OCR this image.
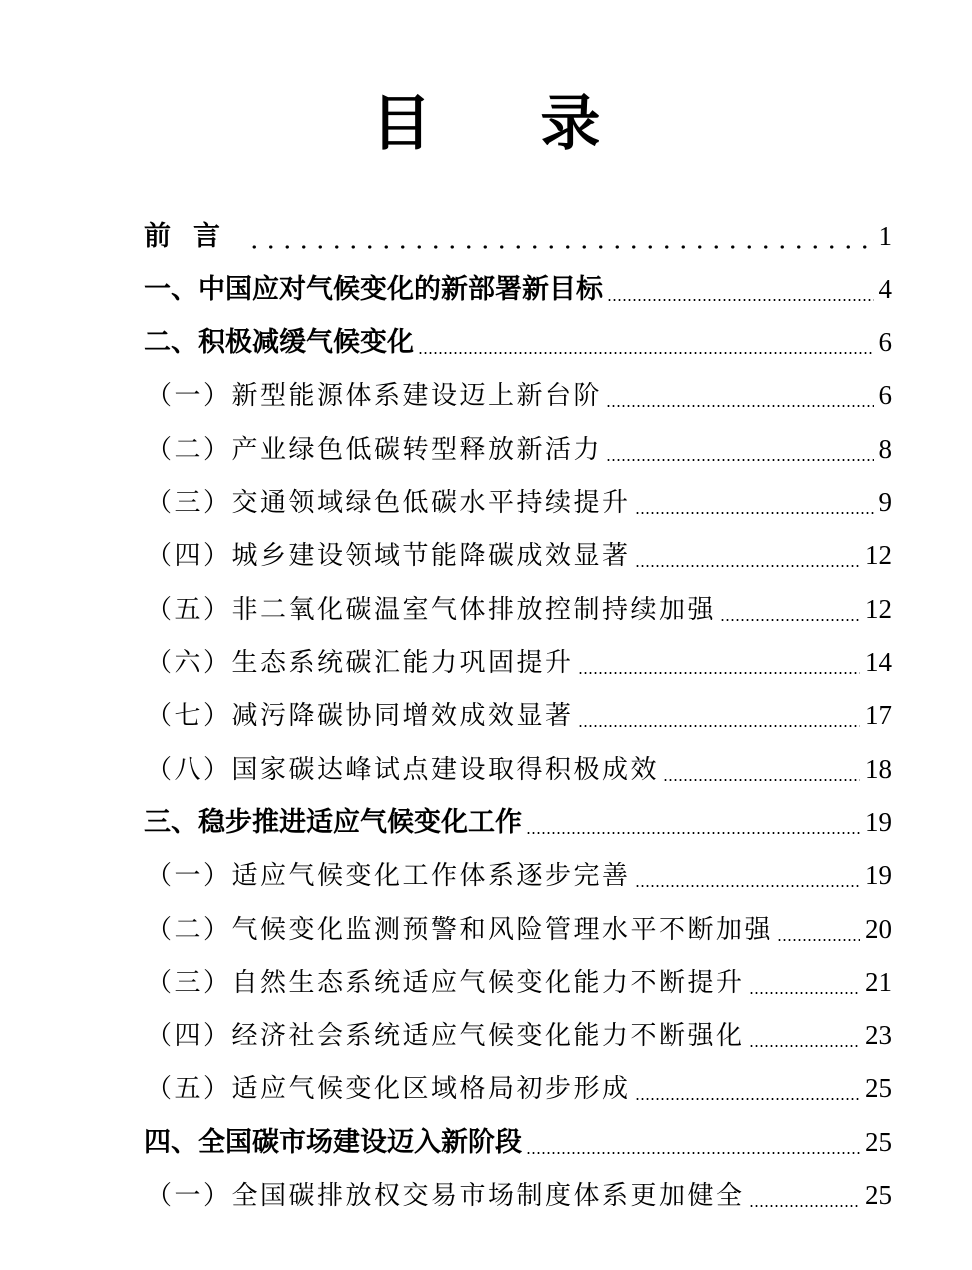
目 录
前言	1
一、中国应对气候变化的新部署新目标	4
二、积极减缓气候变化	6
（一）新型能源体系建设迈上新台阶	6
（二）产业绿色低碳转型释放新活力	8
（三）交通领域绿色低碳水平持续提升	9
（四）城乡建设领域节能降碳成效显著	12
（五）非二氧化碳温室气体排放控制持续加强	12
（六）生态系统碳汇能力巩固提升	14
（七）减污降碳协同增效成效显著	17
（八）国家碳达峰试点建设取得积极成效	18
三、稳步推进适应气候变化工作	19
（一）适应气候变化工作体系逐步完善	19
（二）气候变化监测预警和风险管理水平不断加强	20
（三）自然生态系统适应气候变化能力不断提升	21
（四）经济社会系统适应气候变化能力不断强化	23
（五）适应气候变化区域格局初步形成	25
四、全国碳市场建设迈入新阶段	25
（一）全国碳排放权交易市场制度体系更加健全	25
